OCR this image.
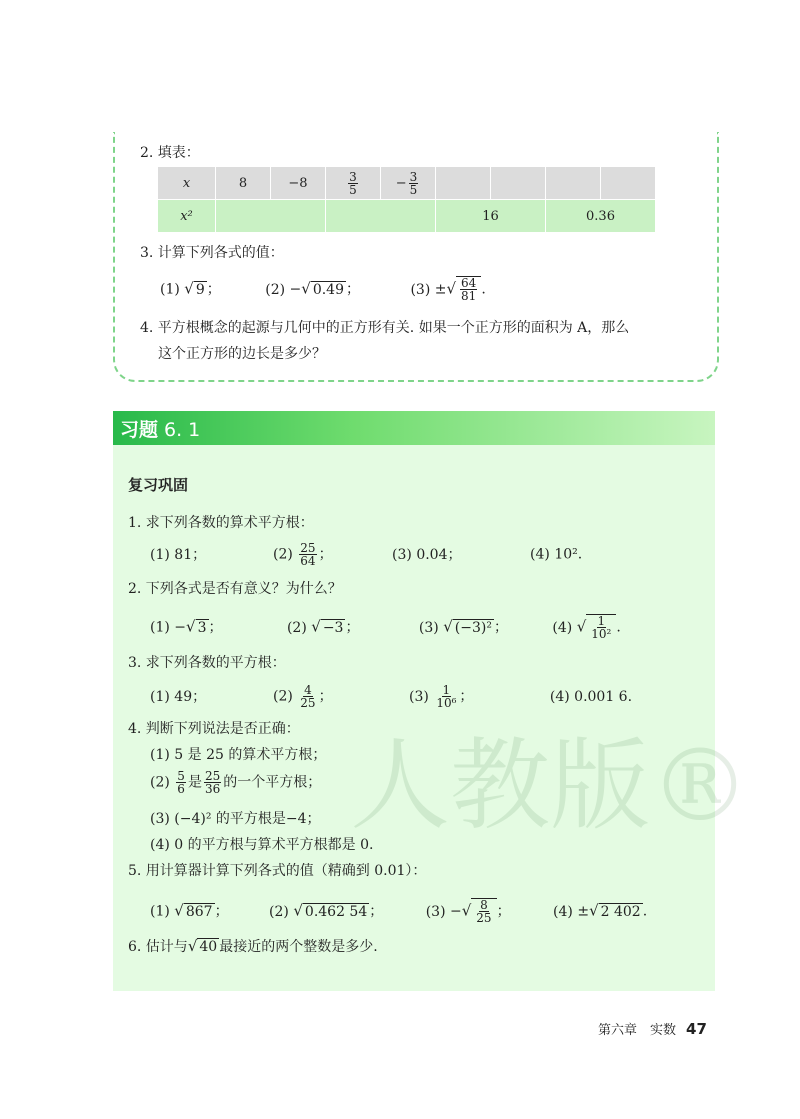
2. 填表：
x	8	−8	$\frac{3}{5}$	− $\frac{3}{5}$

x²					16		0.36	
3. 计算下列各式的值：
(1) √ 9 ；	(2) −√ 0.49 ；	(3) ±√ $\frac{64}{81}$ .
4. 平方根概念的起源与几何中的正方形有关. 如果一个正方形的面积为 A，那么
这个正方形的边长是多少？
习题 6. 1
人教版®
复习巩固
1. 求下列各数的算术平方根：
(1) 81；	$(2) \frac{25}{64}$ ；	(3) 0.04；	(4) 10².
2. 下列各式是否有意义？为什么？
(1) −√ 3 ；	(2) √ −3 ；	(3) √ (−3)² ；	(4) √ $\frac{1}{\text{10²}}$ .
3. 求下列各数的平方根：
(1) 49；	$(2) \frac{4}{25}$ ；	$(3) \frac{1}{\text{10⁶}}$ ；	(4) 0.001 6.
4. 判断下列说法是否正确：
(1) 5 是 25 的算术平方根；
$(2) \frac{5}{6}$ 是 $\frac{25}{36}$ 的一个平方根；
(3) (−4)² 的平方根是−4；
(4) 0 的平方根与算术平方根都是 0.
5. 用计算器计算下列各式的值（精确到 0.01）：
(1) √ 867 ；	(2) √ 0.462 54 ；	(3) −√ $\frac{8}{25}$ ；	(4) ±√ 2 402 .
6. 估计与√ 40 最接近的两个整数是多少.
第六章　实数 47
